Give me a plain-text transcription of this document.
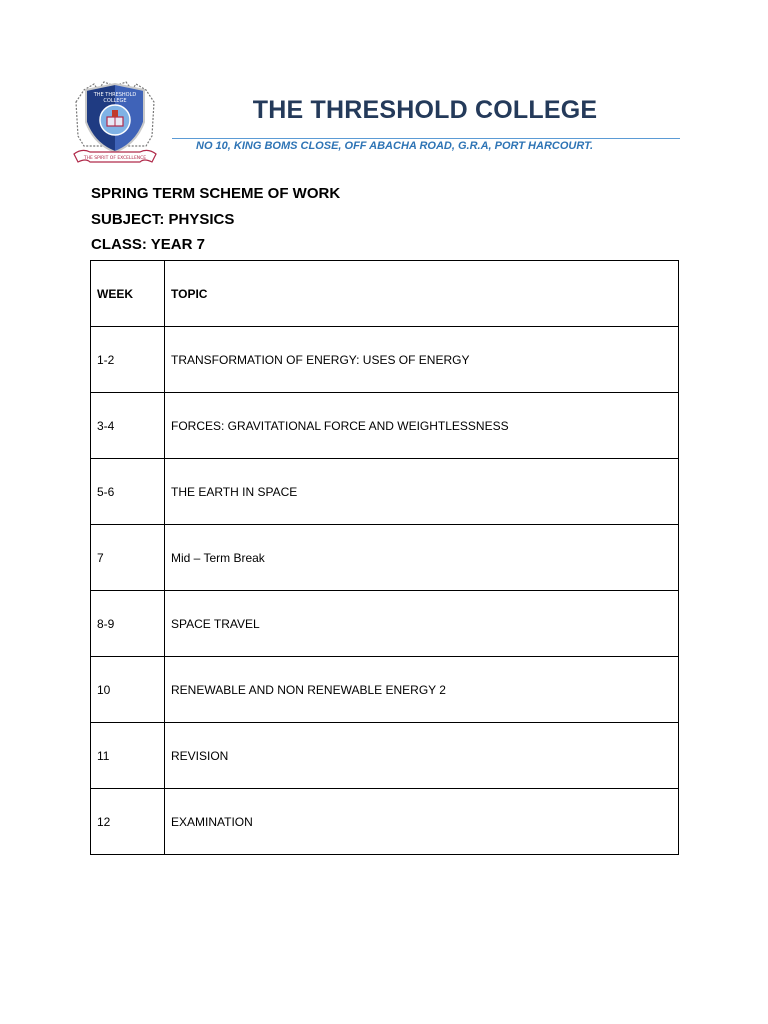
THE THRESHOLD
COLLEGE
THE SPIRIT OF EXCELLENCE
THE THRESHOLD COLLEGE
NO 10, KING BOMS CLOSE, OFF ABACHA ROAD, G.R.A, PORT HARCOURT.
SPRING TERM SCHEME OF WORK
SUBJECT: PHYSICS
CLASS: YEAR 7
WEEK	TOPIC
1-2	TRANSFORMATION OF ENERGY: USES OF ENERGY
3-4	FORCES: GRAVITATIONAL FORCE AND WEIGHTLESSNESS
5-6	THE EARTH IN SPACE
7	Mid – Term Break
8-9	SPACE TRAVEL
10	RENEWABLE AND NON RENEWABLE ENERGY 2
11	REVISION
12	EXAMINATION
